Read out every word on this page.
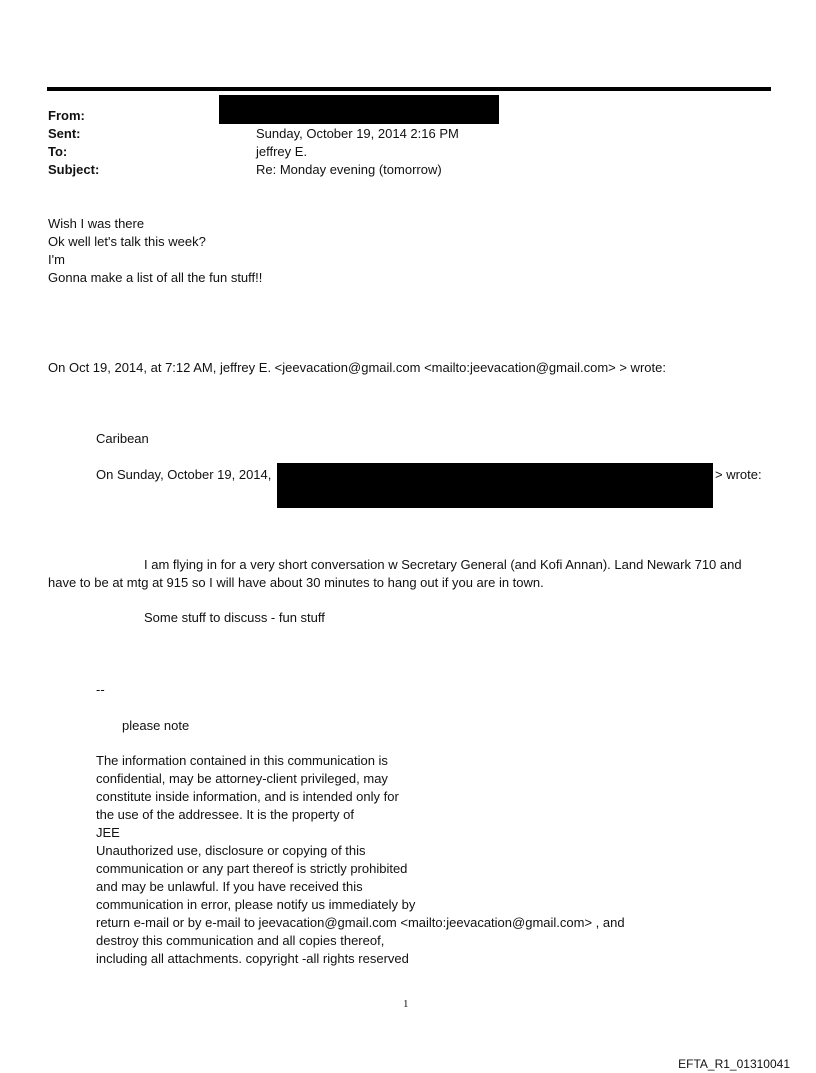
From:
Sent:	Sunday, October 19, 2014 2:16 PM
To:	jeffrey E.
Subject:	Re: Monday evening (tomorrow)
Wish I was there
Ok well let's talk this week?
I'm
Gonna make a list of all the fun stuff!!
On Oct 19, 2014, at 7:12 AM, jeffrey E. <jeevacation@gmail.com <mailto:jeevacation@gmail.com> > wrote:
Caribean
On Sunday, October 19, 2014,	> wrote:
I am flying in for a very short conversation w Secretary General (and Kofi Annan). Land Newark 710 and have to be at mtg at 915 so I will have about 30 minutes to hang out if you are in town.
Some stuff to discuss - fun stuff
--
please note
The information contained in this communication is
confidential, may be attorney-client privileged, may
constitute inside information, and is intended only for
the use of the addressee. It is the property of
JEE
Unauthorized use, disclosure or copying of this
communication or any part thereof is strictly prohibited
and may be unlawful. If you have received this
communication in error, please notify us immediately by
return e-mail or by e-mail to jeevacation@gmail.com <mailto:jeevacation@gmail.com> , and
destroy this communication and all copies thereof,
including all attachments. copyright -all rights reserved
1
EFTA_R1_01310041
